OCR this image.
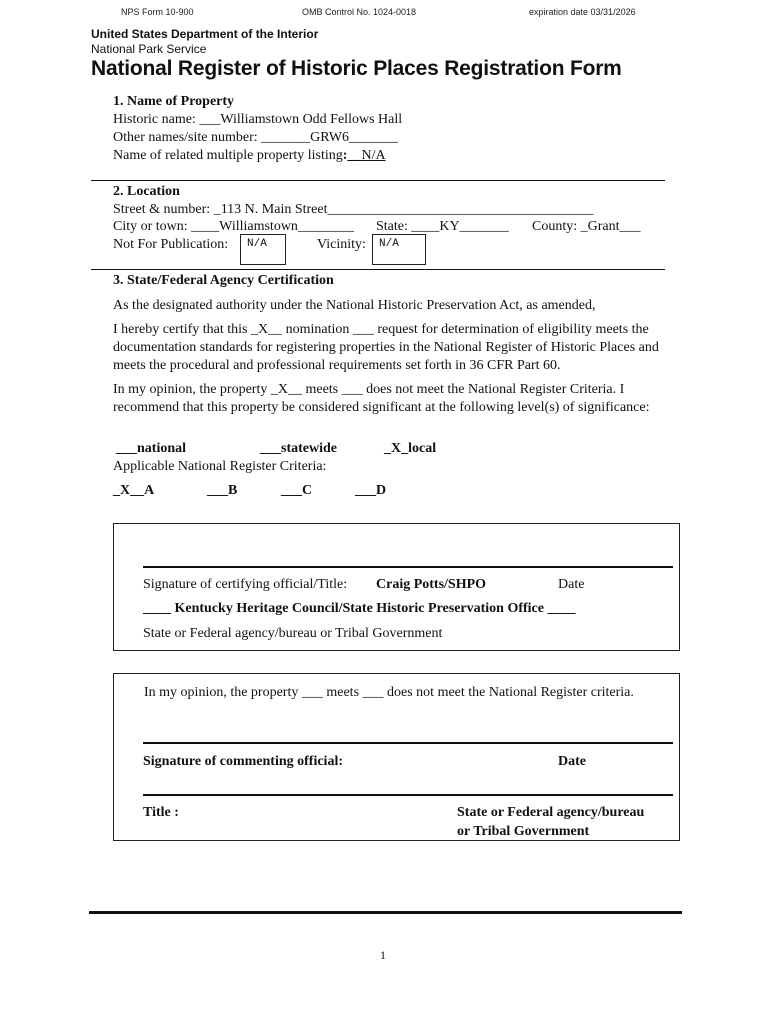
NPS Form 10-900	OMB Control No. 1024-0018	expiration date 03/31/2026
United States Department of the Interior
National Park Service
National Register of Historic Places Registration Form
1. Name of Property
Historic name: ___Williamstown Odd Fellows Hall
Other names/site number: _______GRW6_______
Name of related multiple property listing:__N/A
2. Location
Street & number: _113 N. Main Street______________________________________
City or town: ____Williamstown________ State: ____KY_______ County: _Grant___
Not For Publication:	N/A	Vicinity:	N/A
3. State/Federal Agency Certification

As the designated authority under the National Historic Preservation Act, as amended,

I hereby certify that this _X__ nomination ___ request for determination of eligibility meets the documentation standards for registering properties in the National Register of Historic Places and meets the procedural and professional requirements set forth in 36 CFR Part 60.

In my opinion, the property _X__ meets ___ does not meet the National Register Criteria. I recommend that this property be considered significant at the following level(s) of significance:

___national	___statewide	_X_local
Applicable National Register Criteria:
_X__A	___B	___C	___D
Signature of certifying official/Title: Craig Potts/SHPO	Date
____ Kentucky Heritage Council/State Historic Preservation Office ____
State or Federal agency/bureau or Tribal Government

In my opinion, the property ___ meets ___ does not meet the National Register criteria.

Signature of commenting official:	Date
Title :	State or Federal agency/bureau
or Tribal Government
1
